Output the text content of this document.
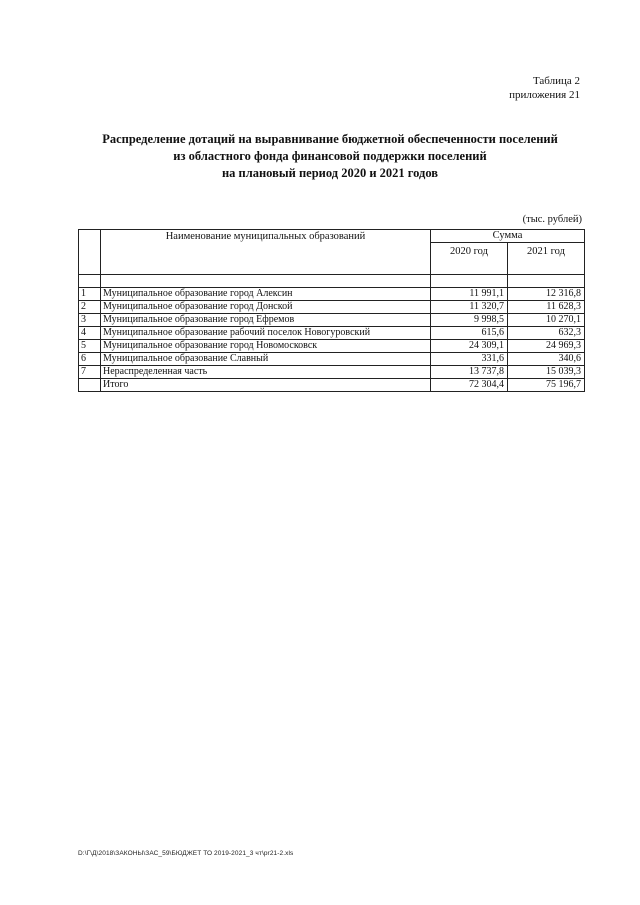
Таблица 2
приложения 21
Распределение дотаций на выравнивание бюджетной обеспеченности поселений
из областного фонда финансовой поддержки поселений
на плановый период 2020 и 2021 годов
(тыс. рублей)
	Наименование муниципальных образований	Сумма	
		2020 год	2021 год

1	Муниципальное образование город Алексин	11 991,1	12 316,8
2	Муниципальное образование город Донской	11 320,7	11 628,3
3	Муниципальное образование город Ефремов	9 998,5	10 270,1
4	Муниципальное образование рабочий поселок Новогуровский	615,6	632,3
5	Муниципальное образование город Новомосковск	24 309,1	24 969,3
6	Муниципальное образование Славный	331,6	340,6
7	Нераспределенная часть	13 737,8	15 039,3
	Итого	72 304,4	75 196,7
D:\Г\Д\2018\ЗАКОНЫ\ЗАС_59\БЮДЖЕТ ТО 2019-2021_3 чт\pr21-2.xls
